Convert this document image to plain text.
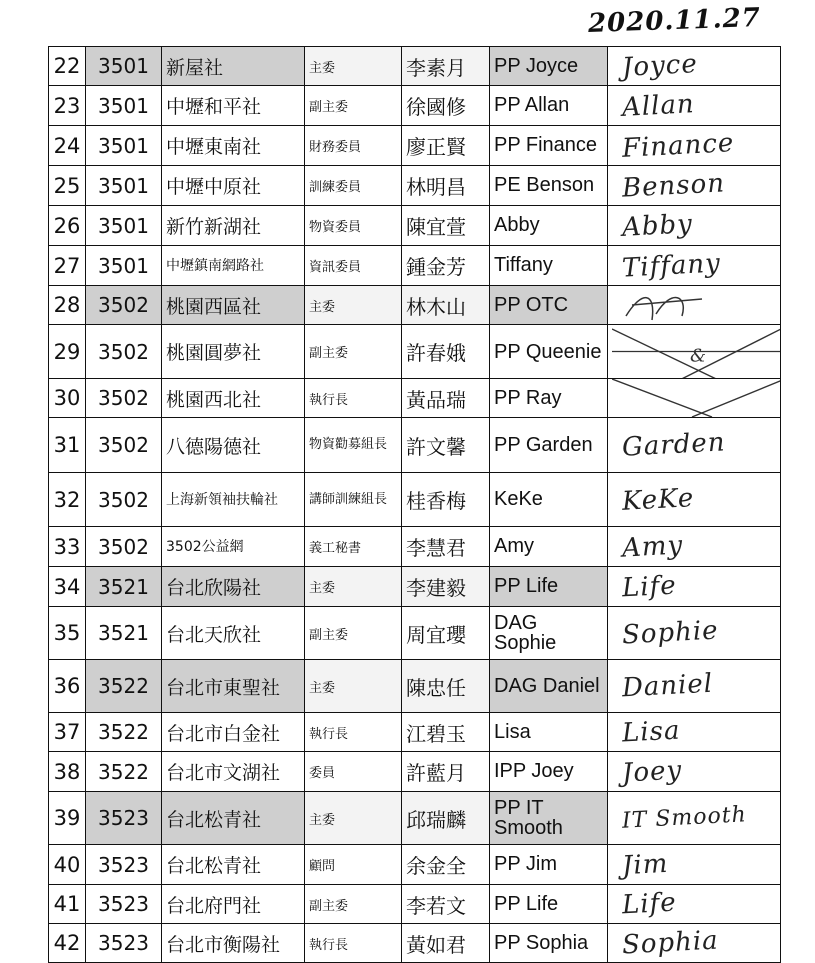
2020.11.27
22	3501	新屋社	主委	李素月	PP Joyce	Joyce

23	3501	中壢和平社	副主委	徐國修	PP Allan	Allan

24	3501	中壢東南社	財務委員	廖正賢	PP Finance	Finance

25	3501	中壢中原社	訓練委員	林明昌	PE Benson	Benson

26	3501	新竹新湖社	物資委員	陳宜萱	Abby	Abby

27	3501	中壢鎮南網路社	資訊委員	鍾金芳	Tiffany	Tiffany

28	3502	桃園西區社	主委	林木山	PP OTC	

29	3502	桃園圓夢社	副主委	許春娥	PP Queenie	&

30	3502	桃園西北社	執行長	黃品瑞	PP Ray	

31	3502	八德陽德社	物資勸募組長	許文馨	PP Garden	Garden

32	3502	上海新領袖扶輪社	講師訓練組長	桂香梅	KeKe	KeKe

33	3502	3502公益網	義工秘書	李慧君	Amy	Amy

34	3521	台北欣陽社	主委	李建毅	PP Life	Life

35	3521	台北天欣社	副主委	周宜瓔	DAG Sophie	Sophie

36	3522	台北市東聖社	主委	陳忠任	DAG Daniel	Daniel

37	3522	台北市白金社	執行長	江碧玉	Lisa	Lisa

38	3522	台北市文湖社	委員	許藍月	IPP Joey	Joey

39	3523	台北松青社	主委	邱瑞麟	PP IT Smooth	IT Smooth

40	3523	台北松青社	顧問	余金全	PP Jim	Jim

41	3523	台北府門社	副主委	李若文	PP Life	Life

42	3523	台北市衡陽社	執行長	黃如君	PP Sophia	Sophia
